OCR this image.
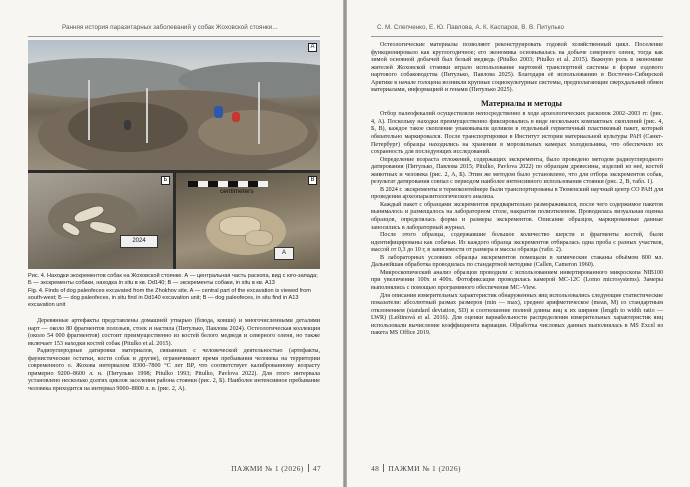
Ранняя история паразитарных заболеваний у собак Жоховской стоянки...
А
2024
Б
centimeters
A
В

Рис. 4. Находки экскрементов собак на Жоховской стоянке. А — центральная часть раскопа, вид с юго-запада; Б — экскременты собаки, находка in situ в кв. Dd140; В — экскременты собаки, in situ в кв. A13

Fig. 4. Finds of dog paleofeces excavated from the Zhokhov site. A — central part of the excavation is viewed from south-west; Б — dog paleofeces, in situ find in Dd140 excavation unit; B — dog paleofeces, in situ find in A13 excavation unit

Деревянные артефакты представлены домашней утварью (блюда, ковши) и многочисленными деталями нарт — около 80 фрагментов полозьев, стоек и настила (Питулько, Павлова 2024). Остеологическая коллекция (около 54 000 фрагментов) состоит преимущественно из костей белого медведя и северного оленя, но также включает 153 находки костей собак (Pitulko et al. 2015).

Радиоуглеродные датировки материалов, связанных с человеческой деятельностью (артефакты, фаунистические остатки, кости собак и другие), ограничивают время пребывания человека на территории современного о. Жохова интервалом 8300–7800 °С лет BP, что соответствует калиброванному возрасту примерно 9200–8600 л. н. (Питулько 1998; Pitulko 1993; Pitulko, Pavlova 2022). Для этого интервала установлено несколько долгих циклов заселения района стоянки (рис. 2, Б). Наиболее интенсивное пребывание человека приходится на интервал 9000–8800 л. н. (рис. 2, А).

ПАЖМИ № 1 (2026) 47
С. М. Слепченко, Е. Ю. Павлова, А. К. Каспаров, В. В. Питулько

Остеологические материалы позволяют реконструировать годовой хозяйственный цикл. Поселение функционировало как круглогодичное; его экономика основывалась на добыче северного оленя, тогда как зимой основной добычей был белый медведь (Pitulko 2003; Pitulko et al. 2015). Важную роль в экономике жителей Жоховской стоянки играло использование нартовой транспортной системы в форме ездового нартового собаководства (Питулько, Павлова 2025). Благодаря её использованию в Восточно-Сибирской Арктике в начале голоцена возникли крупные социокультурные системы, предполагающие сверхдальний обмен материалами, информацией и генами (Питулько 2025).

Материалы и методы

Отбор палеофекалий осуществляли непосредственно в ходе археологических раскопок 2002–2003 гг. (рис. 4, А). Поскольку находки преимущественно фиксировались в виде нескольких компактных скоплений (рис. 4, Б, В), каждое такое скопление упаковывали целиком в отдельный герметичный пластиковый пакет, который обязательно маркировался. После транспортировки в Институт истории материальной культуры РАН (Санкт-Петербург) образцы находились на хранении в морозильных камерах холодильника, что обеспечило их сохранность для последующих исследований.

Определение возраста отложений, содержащих экскременты, было проведено методом радиоуглеродного датирования (Питулько, Павлова 2015; Pitulko, Pavlova 2022) по образцам древесины, изделий из неё, костей животных и человека (рис. 2, А, Б). Этим же методом было установлено, что для отбора экскрементов собак, результат датирования совпал с периодом наиболее интенсивного использования стоянки (рис. 2, В, табл. 1).

В 2024 г. экскременты в термоконтейнере были транспортированы в Тюменский научный центр СО РАН для проведения археопаразитологического анализа.

Каждый пакет с образцами экскрементов предварительно размораживался, после чего содержимое пакетов вынималось и размещалось на лабораторном столе, накрытом полиэтиленом. Проводилась визуальная оценка образцов, определялась форма и размеры экскрементов. Описание образцов, маркированные данные заносились в лабораторный журнал.

После этого образцы, содержавшие большое количество шерсти и фрагменты костей, были идентифицированы как собачьи. Из каждого образца экскрементов отбиралась одна проба с разных участков, массой от 0,3 до 10 г, в зависимости от размера и массы образца (табл. 2).

В лабораторных условиях образцы экскрементов помещали в химические стаканы объёмом 800 мл. Дальнейшая обработка проводилась по стандартной методике (Callen, Cameron 1960).

Микроскопический анализ образцов проводили с использованием инвертированного микроскопа NIB100 при увеличении 100х и 400х. Фотофиксация проводилась камерой MC-12C (Lomo microsystems). Замеры выполнялись с помощью программного обеспечения MC–View.

Для описания измерительных характеристик обнаруженных яиц использовались следующие статистические показатели: абсолютный размах размеров (min — max), среднее арифметическое (mean, M) со стандартным отклонением (standard deviation, SD) и соотношение полной длины яиц к их ширине (length to width ratio — LWR) (Leštinová et al. 2016). Для оценки вариабельности распределения измерительных характеристик яиц использовали вычисление коэффициента вариации. Обработка числовых данных выполнялась в MS Excel из пакета MS Office 2019.

48 ПАЖМИ № 1 (2026)
